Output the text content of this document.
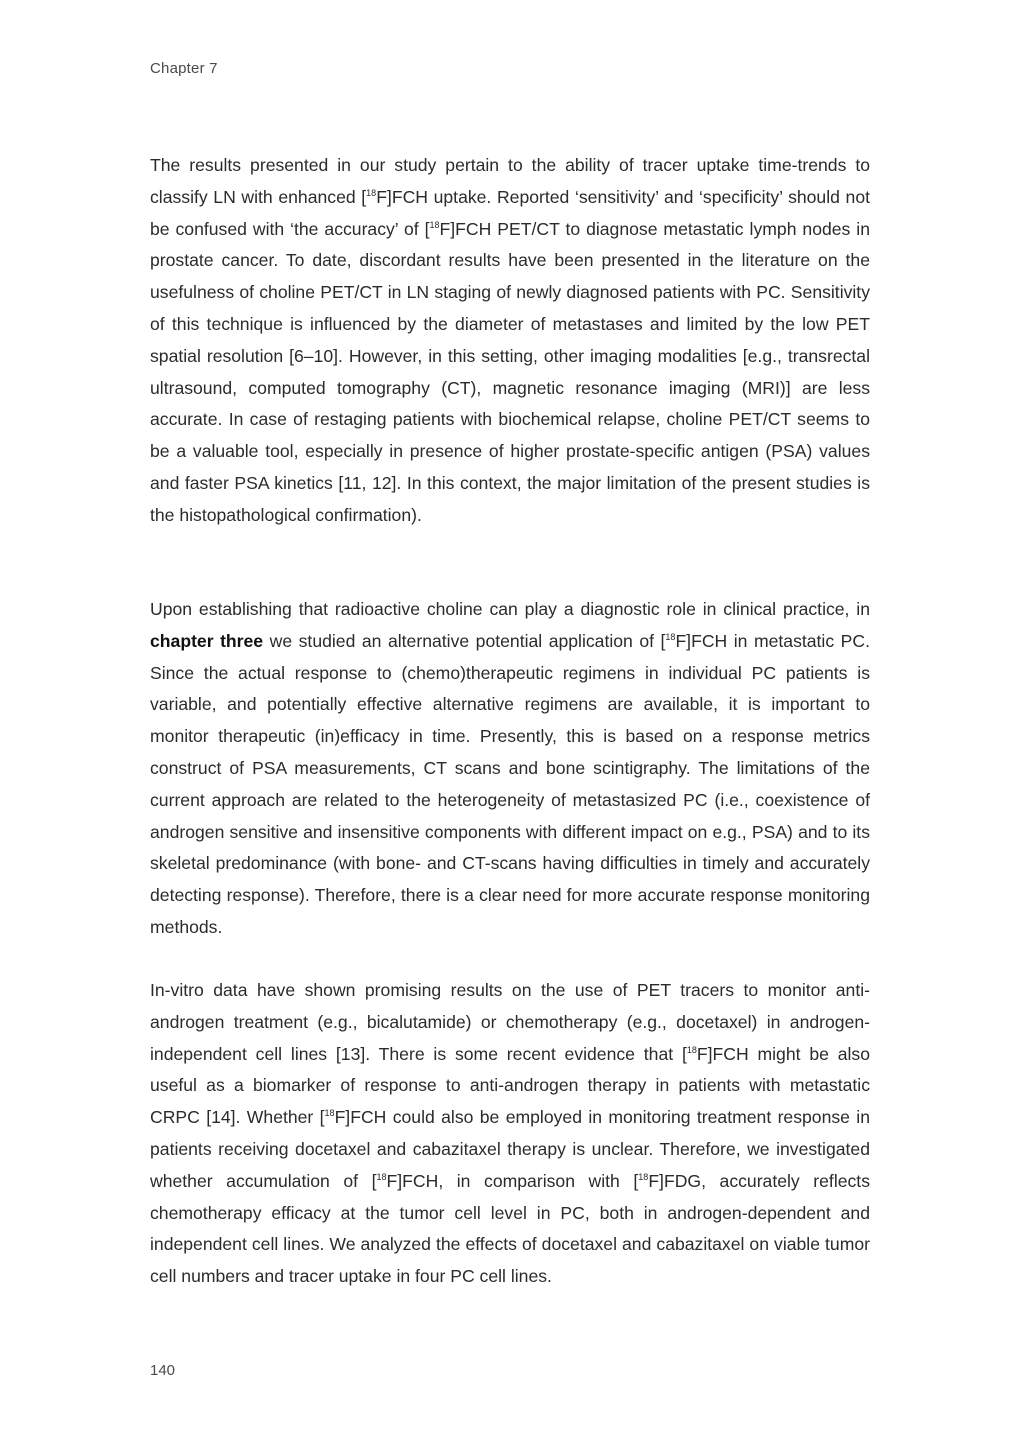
Chapter 7

The results presented in our study pertain to the ability of tracer uptake time-trends to classify LN with enhanced [$^{18}$F]FCH uptake. Reported ‘sensitivity’ and ‘specificity’ should not be confused with ‘the accuracy’ of [$^{18}$F]FCH PET/CT to diagnose metastatic lymph nodes in prostate cancer. To date, discordant results have been presented in the literature on the usefulness of choline PET/CT in LN staging of newly diagnosed patients with PC. Sensitivity of this technique is influenced by the diameter of metastases and limited by the low PET spatial resolution [6–10]. However, in this setting, other imaging modalities [e.g., transrectal ultrasound, computed tomography (CT), magnetic resonance imaging (MRI)] are less accurate. In case of restaging patients with biochemical relapse, choline PET/CT seems to be a valuable tool, especially in presence of higher prostate-specific antigen (PSA) values and faster PSA kinetics [11, 12]. In this context, the major limitation of the present studies is the histopathological confirmation).

Upon establishing that radioactive choline can play a diagnostic role in clinical practice, in chapter three we studied an alternative potential application of [$^{18}$F]FCH in metastatic PC. Since the actual response to (chemo)therapeutic regimens in individual PC patients is variable, and potentially effective alternative regimens are available, it is important to monitor therapeutic (in)efficacy in time. Presently, this is based on a response metrics construct of PSA measurements, CT scans and bone scintigraphy. The limitations of the current approach are related to the heterogeneity of metastasized PC (i.e., coexistence of androgen sensitive and insensitive components with different impact on e.g., PSA) and to its skeletal predominance (with bone- and CT-scans having difficulties in timely and accurately detecting response). Therefore, there is a clear need for more accurate response monitoring methods.

In-vitro data have shown promising results on the use of PET tracers to monitor anti-androgen treatment (e.g., bicalutamide) or chemotherapy (e.g., docetaxel) in androgen-independent cell lines [13]. There is some recent evidence that [$^{18}$F]FCH might be also useful as a biomarker of response to anti-androgen therapy in patients with metastatic CRPC [14]. Whether [$^{18}$F]FCH could also be employed in monitoring treatment response in patients receiving docetaxel and cabazitaxel therapy is unclear. Therefore, we investigated whether accumulation of [$^{18}$F]FCH, in comparison with [$^{18}$F]FDG, accurately reflects chemotherapy efficacy at the tumor cell level in PC, both in androgen-dependent and independent cell lines. We analyzed the effects of docetaxel and cabazitaxel on viable tumor cell numbers and tracer uptake in four PC cell lines.

140
